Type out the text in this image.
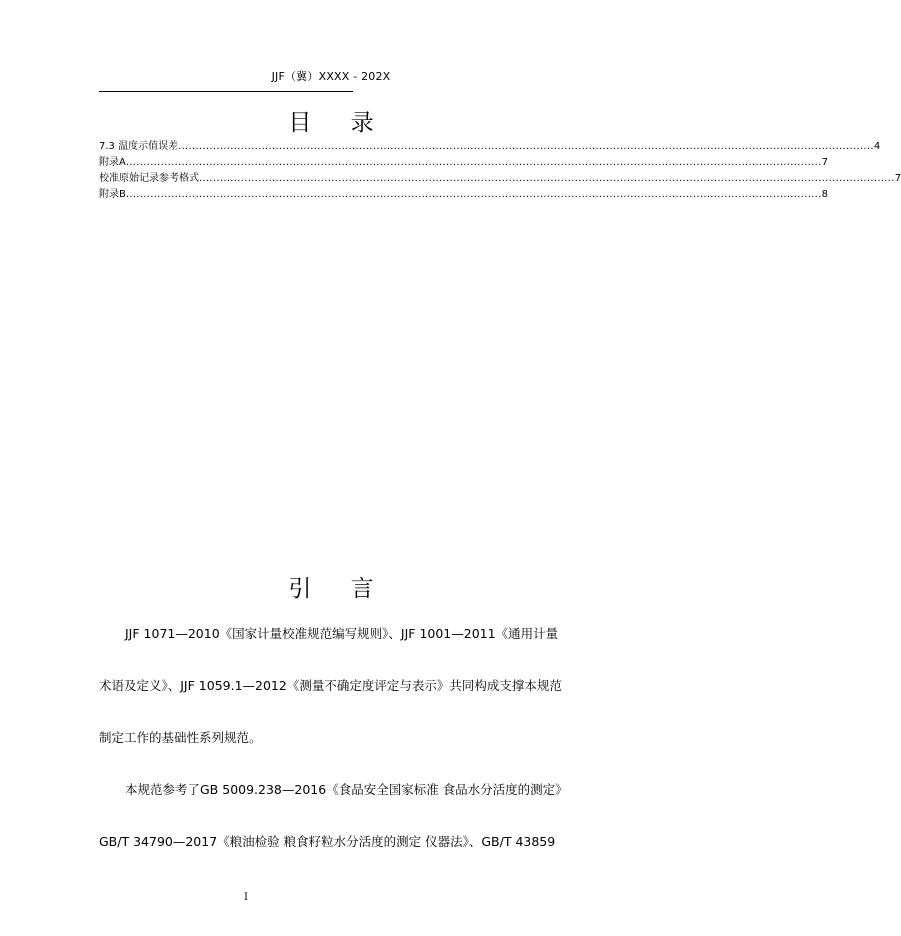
JJF（冀）XXXX - 202X
目 录
7.3 温度示值误差 ........................................................................................................................................................................................................ 4
附录A ........................................................................................................................................................................................................ 7
校准原始记录参考格式 ........................................................................................................................................................................................................ 7
附录B ........................................................................................................................................................................................................ 8
引 言
JJF 1071—2010《国家计量校准规范编写规则》、JJF 1001—2011《通用计量
术语及定义》、JJF 1059.1—2012《测量不确定度评定与表示》共同构成支撑本规范
制定工作的基础性系列规范。
本规范参考了GB 5009.238—2016《食品安全国家标准 食品水分活度的测定》
GB/T 34790—2017《粮油检验 粮食籽粒水分活度的测定 仪器法》、GB/T 43859
I
